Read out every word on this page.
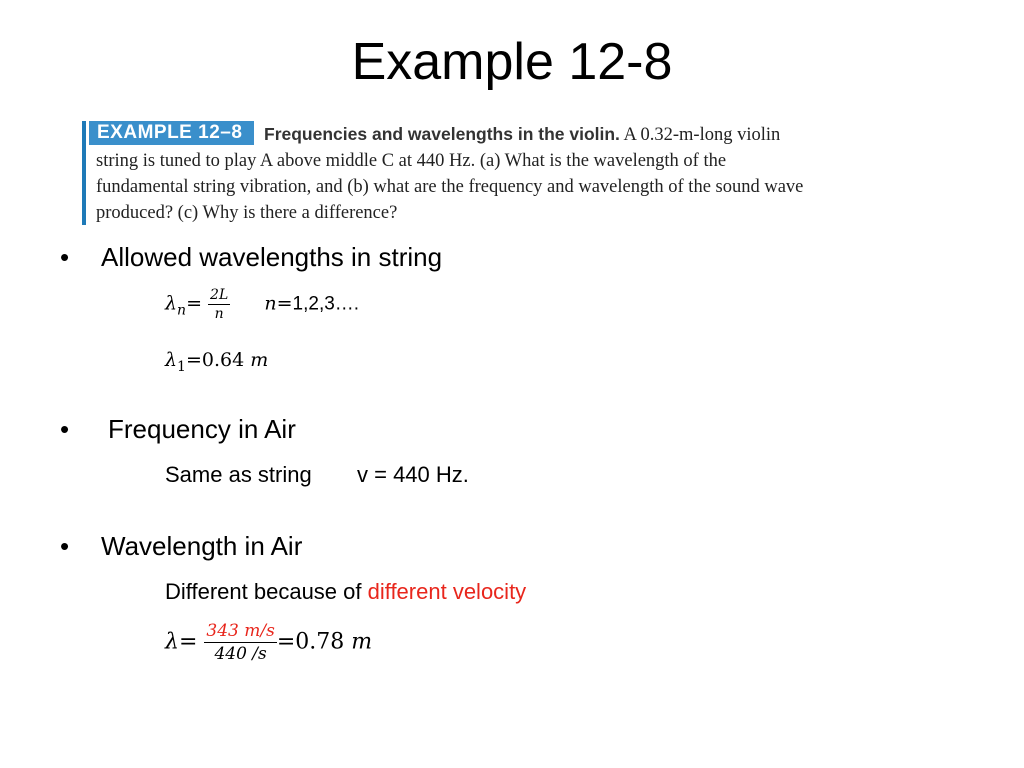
Example 12-8
EXAMPLE 12–8	Frequencies and wavelengths in the violin. A 0.32-m-long violin string is tuned to play A above middle C at 440 Hz. (a) What is the wavelength of the fundamental string vibration, and (b) what are the frequency and wavelength of the sound wave produced? (c) Why is there a difference?
• Allowed wavelengths in string
$\lambda_n= \frac{2L}{n}$ n=1,2,3….
$\lambda_1=0.64$ m
• Frequency in Air
Same as string v = 440 Hz.
• Wavelength in Air
Different because of different velocity
$\lambda= \frac{343 m/s}{440 /s} =0.78$ m
